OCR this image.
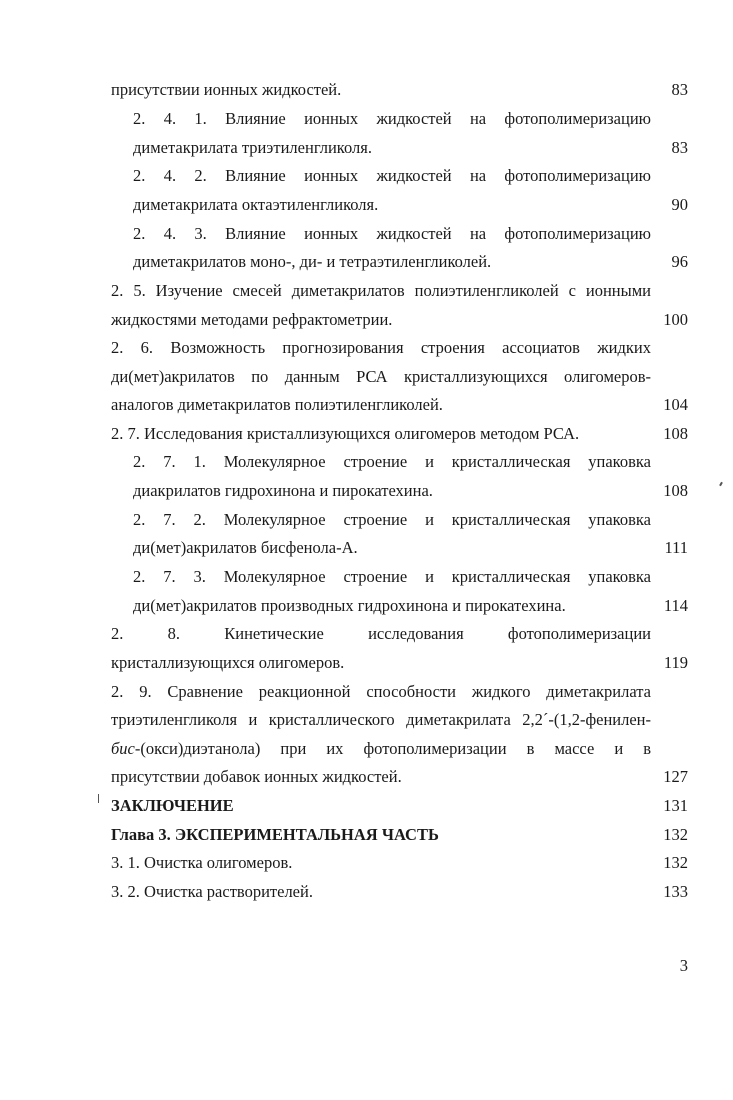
присутствии ионных жидкостей.	83
2. 4. 1. Влияние ионных жидкостей на фотополимеризацию
диметакрилата триэтиленгликоля.	83
2. 4. 2. Влияние ионных жидкостей на фотополимеризацию
диметакрилата октаэтиленгликоля.	90
2. 4. 3. Влияние ионных жидкостей на фотополимеризацию
диметакрилатов моно-, ди- и тетраэтиленгликолей.	96
2. 5. Изучение смесей диметакрилатов полиэтиленгликолей с ионными
жидкостями методами рефрактометрии.	100
2. 6. Возможность прогнозирования строения ассоциатов жидких
ди(мет)акрилатов по данным РСА кристаллизующихся олигомеров-
аналогов диметакрилатов полиэтиленгликолей.	104
2. 7. Исследования кристаллизующихся олигомеров методом РСА.	108
2. 7. 1. Молекулярное строение и кристаллическая упаковка
диакрилатов гидрохинона и пирокатехина.	108
2. 7. 2. Молекулярное строение и кристаллическая упаковка
ди(мет)акрилатов бисфенола-А.	111
2. 7. 3. Молекулярное строение и кристаллическая упаковка
ди(мет)акрилатов производных гидрохинона и пирокатехина.	114
2. 8. Кинетические исследования фотополимеризации
кристаллизующихся олигомеров.	119
2. 9. Сравнение реакционной способности жидкого диметакрилата
триэтиленгликоля и кристаллического диметакрилата 2,2´-(1,2-фенилен-
бис -(окси)диэтанола) при их фотополимеризации в массе и в
присутствии добавок ионных жидкостей.	127
ЗАКЛЮЧЕНИЕ	131
Глава 3. ЭКСПЕРИМЕНТАЛЬНАЯ ЧАСТЬ	132
3. 1. Очистка олигомеров.	132
3. 2. Очистка растворителей.	133
3
